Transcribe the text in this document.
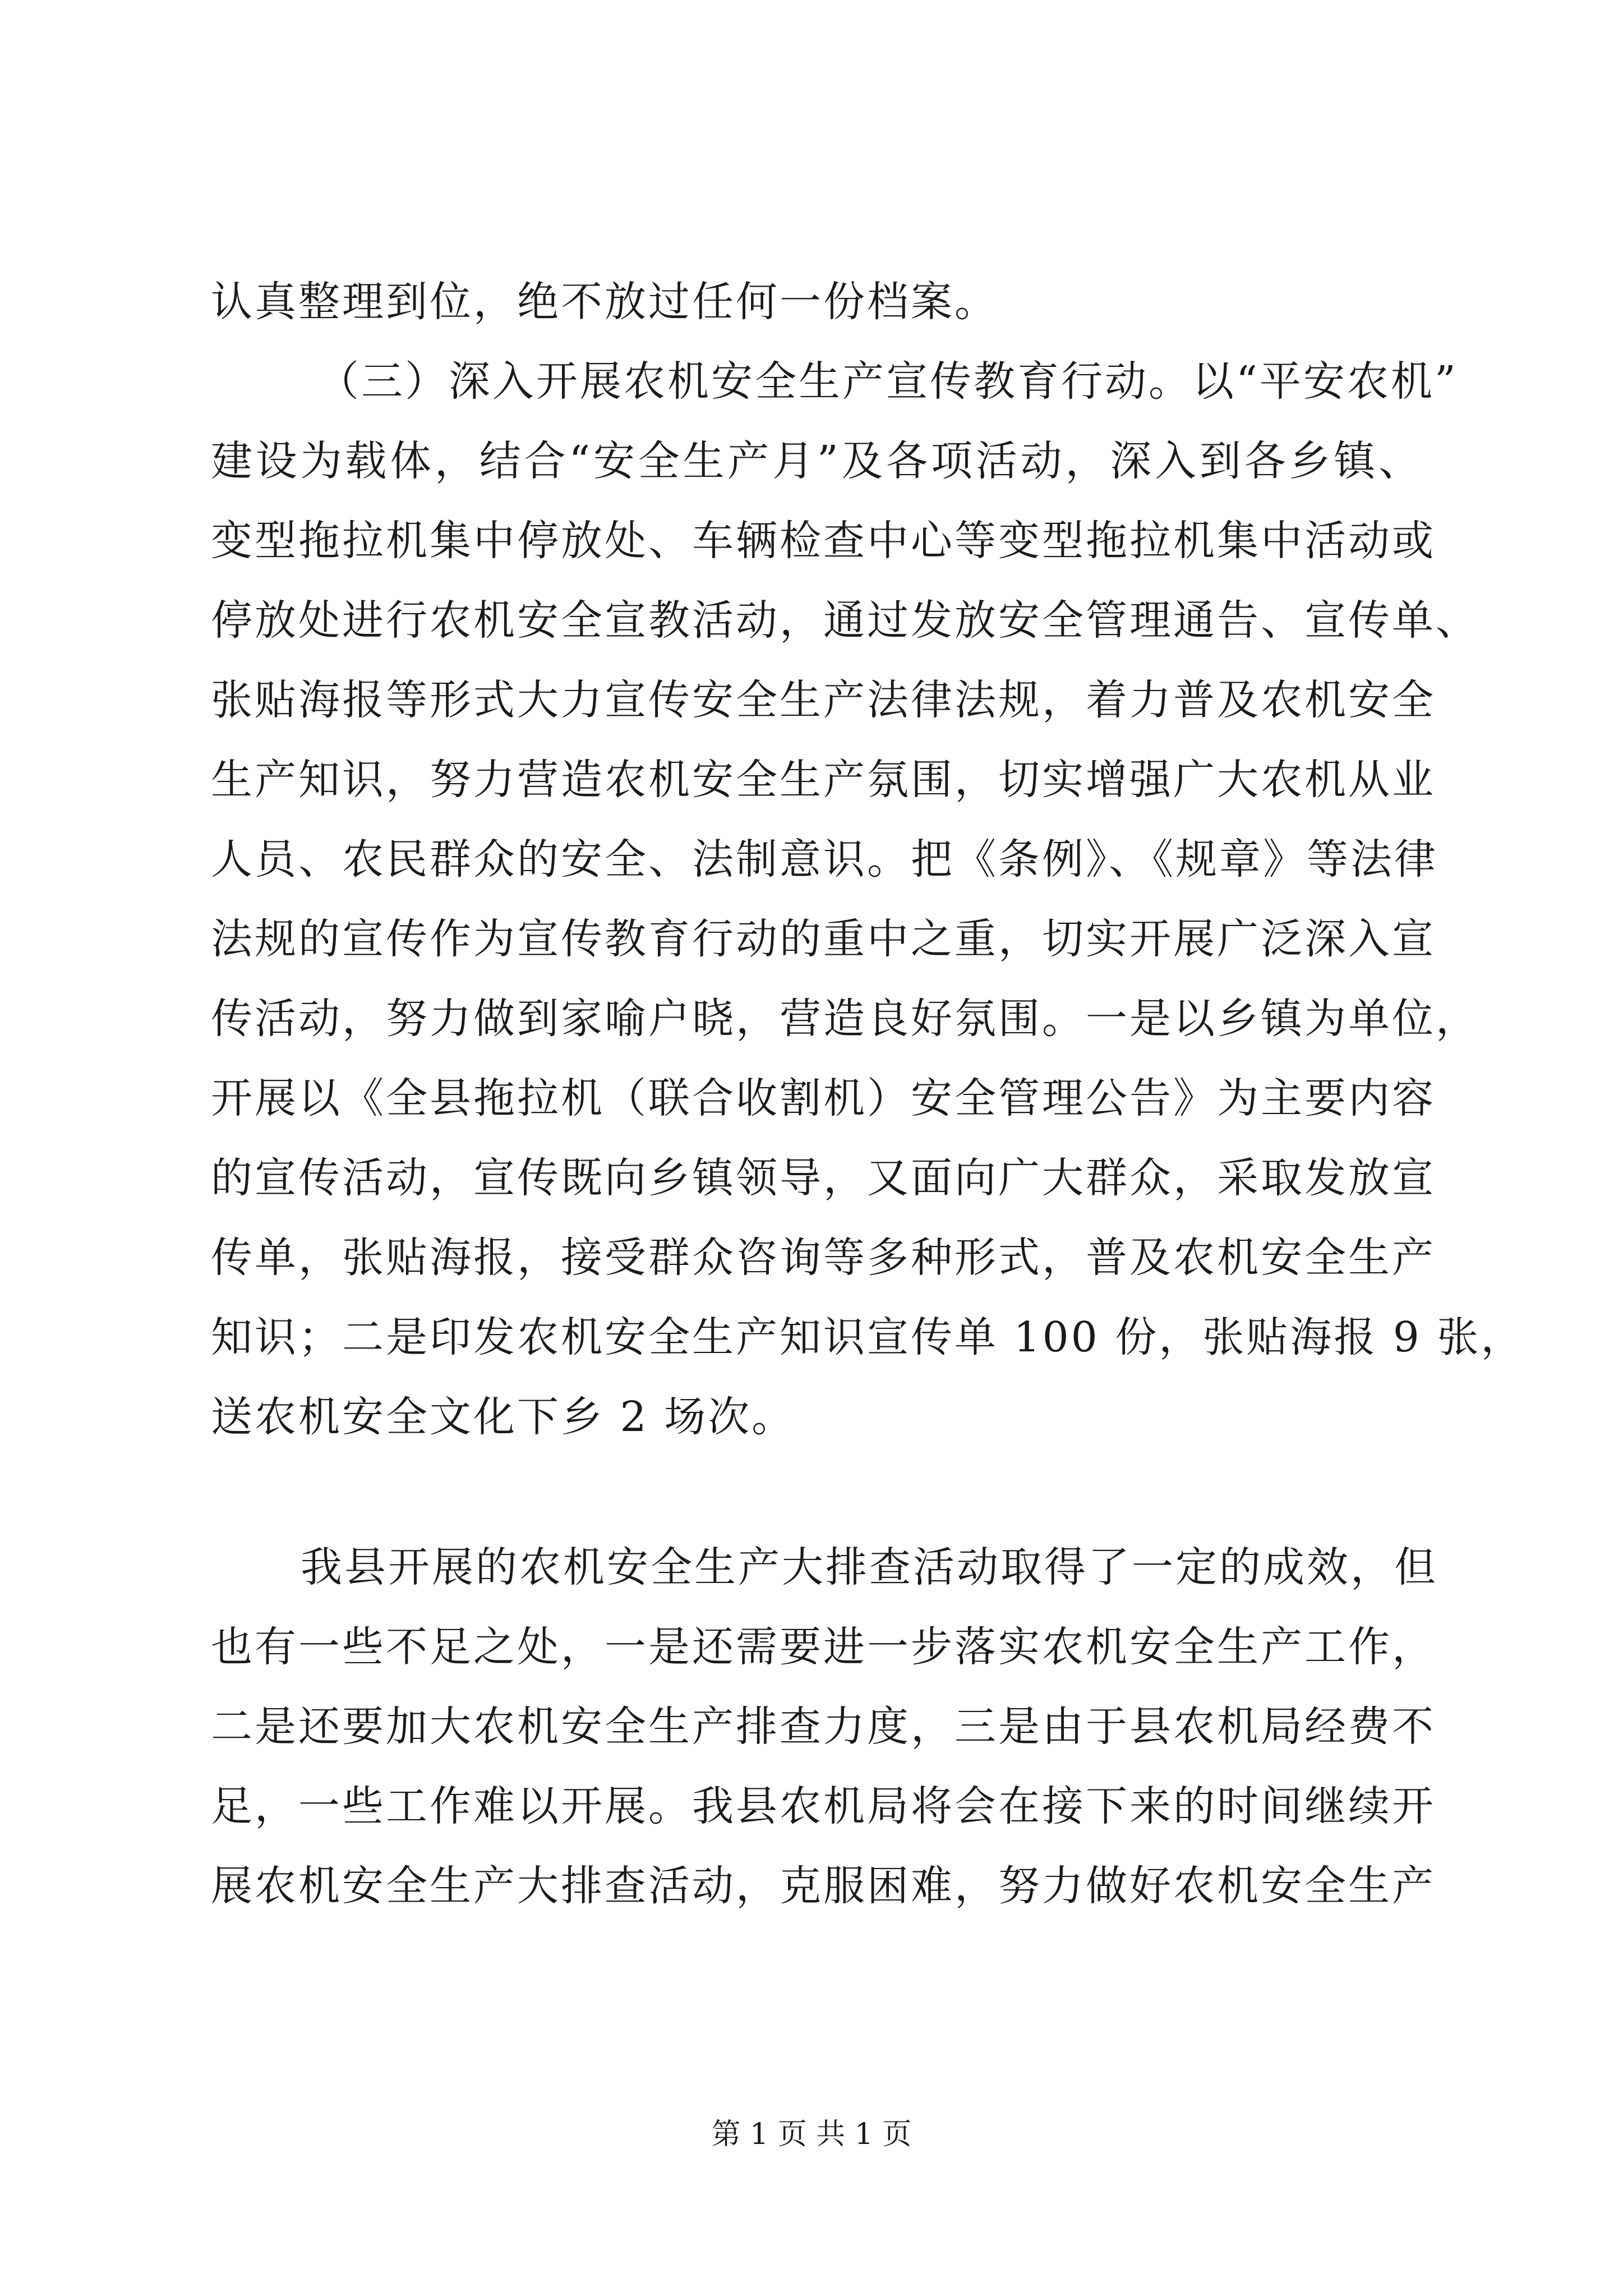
认真整理到位，绝不放过任何一份档案。
（三）深入开展农机安全生产宣传教育行动。以“平安农机”
建设为载体，结合“安全生产月”及各项活动，深入到各乡镇、
变型拖拉机集中停放处、车辆检查中心等变型拖拉机集中活动或
停放处进行农机安全宣教活动，通过发放安全管理通告、宣传单、
张贴海报等形式大力宣传安全生产法律法规，着力普及农机安全
生产知识，努力营造农机安全生产氛围，切实增强广大农机从业
人员、农民群众的安全、法制意识。把《条例》、《规章》等法律
法规的宣传作为宣传教育行动的重中之重，切实开展广泛深入宣
传活动，努力做到家喻户晓，营造良好氛围。一是以乡镇为单位，
开展以《全县拖拉机（联合收割机）安全管理公告》为主要内容
的宣传活动，宣传既向乡镇领导，又面向广大群众，采取发放宣
传单，张贴海报，接受群众咨询等多种形式，普及农机安全生产
知识；二是印发农机安全生产知识宣传单 100 份，张贴海报 9 张，
送农机安全文化下乡 2 场次。
我县开展的农机安全生产大排查活动取得了一定的成效，但
也有一些不足之处，一是还需要进一步落实农机安全生产工作，
二是还要加大农机安全生产排查力度，三是由于县农机局经费不
足，一些工作难以开展。我县农机局将会在接下来的时间继续开
展农机安全生产大排查活动，克服困难，努力做好农机安全生产
第 1 页 共 1 页
